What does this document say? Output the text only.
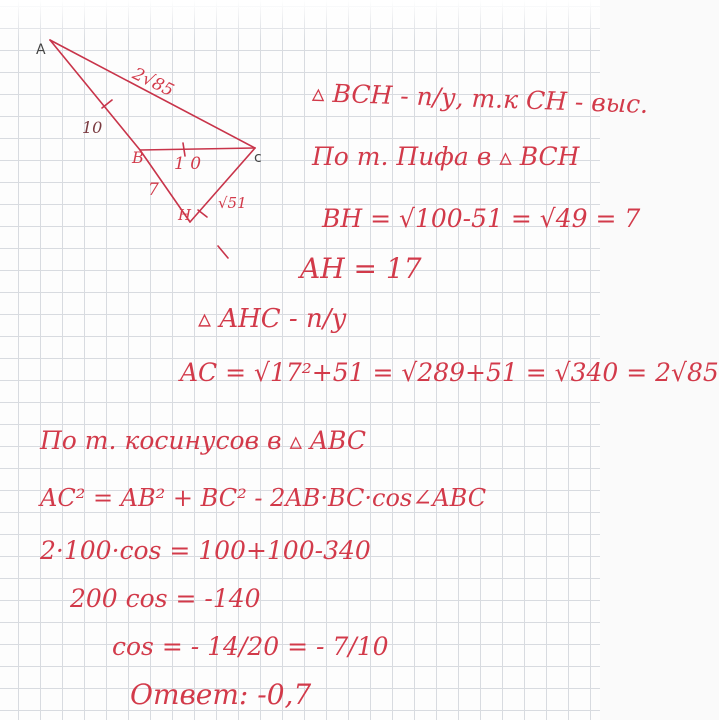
A
B	c
H
10
1 0
7
2√85
√51
▵ BCH - п/у, т.к CH - выс.
По т. Пифа в ▵ BCH
BH = √100-51 = √49 = 7
AH = 17
▵ AHC - п/у
AC = √17²+51 = √289+51 = √340 = 2√85
По т. косинусов в ▵ ABC
AC² = AB² + BC² - 2AB·BC·cos∠ABC
2·100·cos = 100+100-340
200 cos = -140
cos = - 14/20 = - 7/10
Ответ: -0,7
